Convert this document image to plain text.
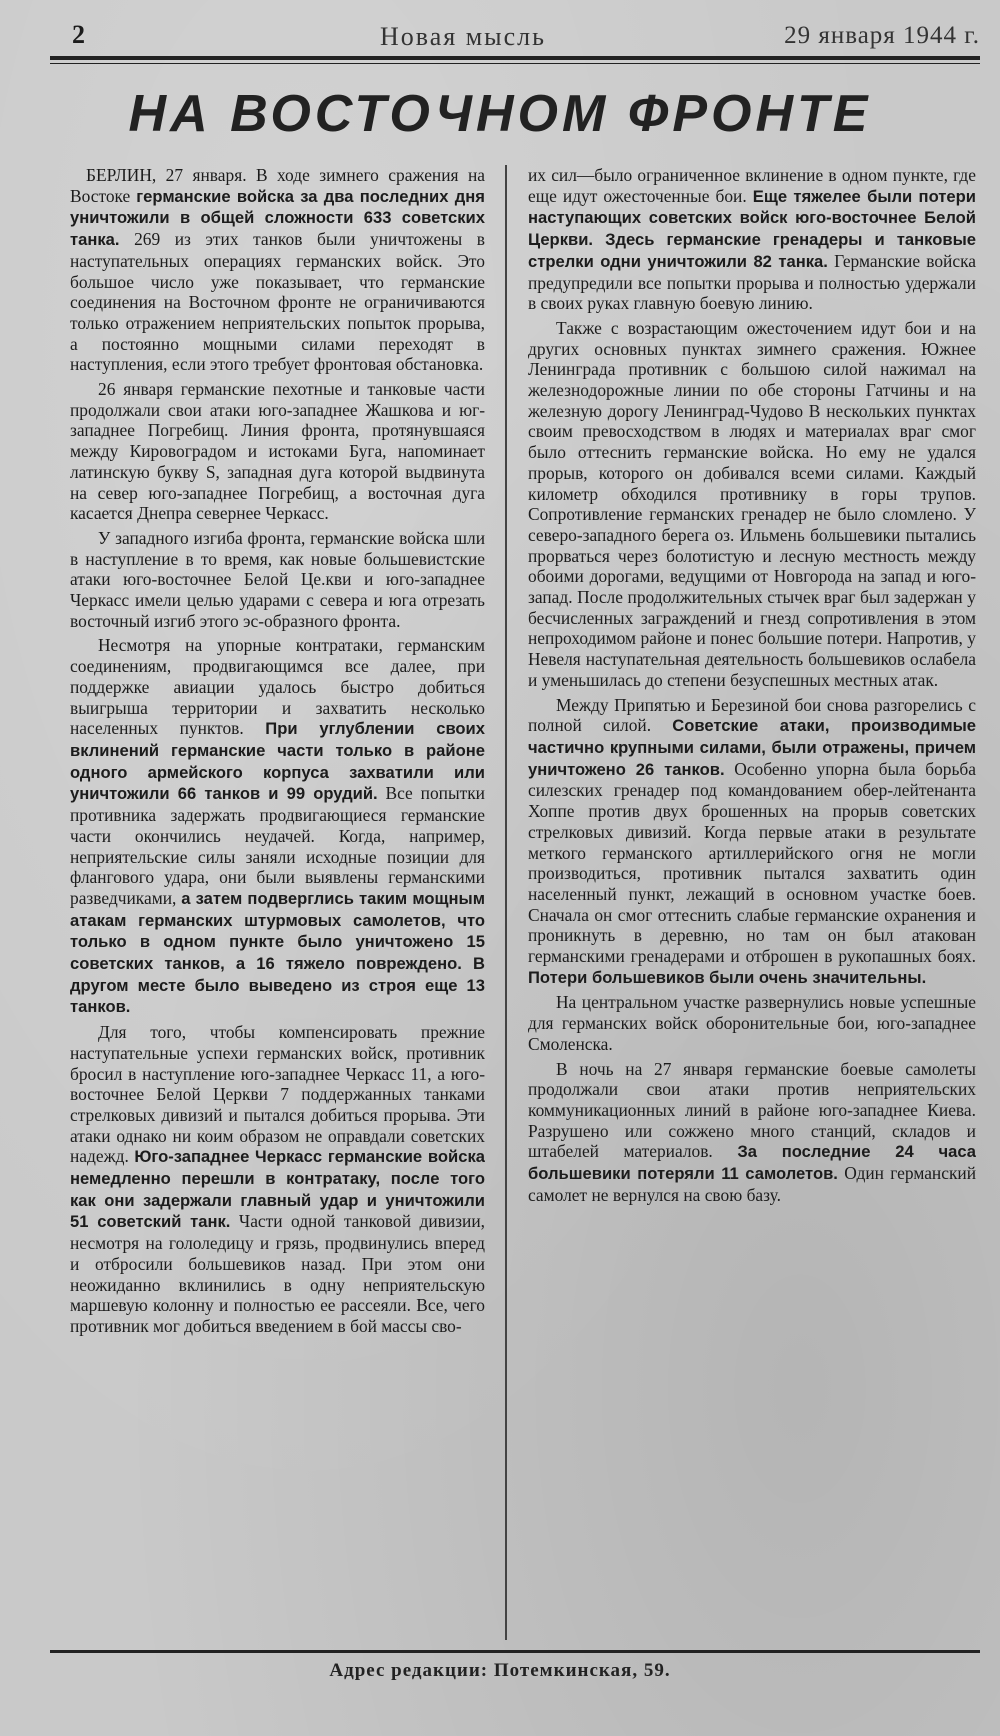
2	Новая мысль	29 января 1944 г.
НА ВОСТОЧНОМ ФРОНТЕ

БЕРЛИН, 27 января. В ходе зимнего сражения на Востоке германские войска за два последних дня уничтожили в общей сложности 633 советских танка. 269 из этих танков были уничтожены в наступательных операциях германских войск. Это большое число уже показывает, что германские соединения на Восточном фронте не ограничиваются только отражением неприятельских попыток прорыва, а постоянно мощными силами переходят в наступления, если этого требует фронтовая обстановка.

26 января германские пехотные и танковые части продолжали свои атаки юго-западнее Жашкова и юг-западнее Погребищ. Линия фронта, протянувшаяся между Кировоградом и истоками Буга, напоминает латинскую букву S, западная дуга которой выдвинута на север юго-западнее Погребищ, а восточная дуга касается Днепра севернее Черкасс.

У западного изгиба фронта, германские войска шли в наступление в то время, как новые большевистские атаки юго-восточнее Белой Це.кви и юго-западнее Черкасс имели целью ударами с севера и юга отрезать восточный изгиб этого эс-образного фронта.

Несмотря на упорные контратаки, германским соединениям, продвигающимся все далее, при поддержке авиации удалось быстро добиться выигрыша территории и захватить несколько населенных пунктов. При углублении своих вклинений германские части только в районе одного армейского корпуса захватили или уничтожили 66 танков и 99 орудий. Все попытки противника задержать продвигающиеся германские части окончились неудачей. Когда, например, неприятельские силы заняли исходные позиции для флангового удара, они были выявлены германскими разведчиками, а затем подверглись таким мощным атакам германских штурмовых самолетов, что только в одном пункте было уничтожено 15 советских танков, а 16 тяжело повреждено. В другом месте было выведено из строя еще 13 танков.

Для того, чтобы компенсировать прежние наступательные успехи германских войск, противник бросил в наступление юго-западнее Черкасс 11, а юго-восточнее Белой Церкви 7 поддержанных танками стрелковых дивизий и пытался добиться прорыва. Эти атаки однако ни коим образом не оправдали советских надежд. Юго-западнее Черкасс германские войска немедленно перешли в контратаку, после того как они задержали главный удар и уничтожили 51 советский танк. Части одной танковой дивизии, несмотря на гололедицу и грязь, продвинулись вперед и отбросили большевиков назад. При этом они неожиданно вклинились в одну неприятельскую маршевую колонну и полностью ее рассеяли. Все, чего противник мог добиться введением в бой массы сво-

их сил—было ограниченное вклинение в одном пункте, где еще идут ожесточенные бои. Еще тяжелее были потери наступающих советских войск юго-восточнее Белой Церкви. Здесь германские гренадеры и танковые стрелки одни уничтожили 82 танка. Германские войска предупредили все попытки прорыва и полностью удержали в своих руках главную боевую линию.

Также с возрастающим ожесточением идут бои и на других основных пунктах зимнего сражения. Южнее Ленинграда противник с большою силой нажимал на железнодорожные линии по обе стороны Гатчины и на железную дорогу Ленинград-Чудово В нескольких пунктах своим превосходством в людях и материалах враг смог было оттеснить германские войска. Но ему не удался прорыв, которого он добивался всеми силами. Каждый километр обходился противнику в горы трупов. Сопротивление германских гренадер не было сломлено. У северо-западного берега оз. Ильмень большевики пытались прорваться через болотистую и лесную местность между обоими дорогами, ведущими от Новгорода на запад и юго-запад. После продолжительных стычек враг был задержан у бесчисленных заграждений и гнезд сопротивления в этом непроходимом районе и понес большие потери. Напротив, у Невеля наступательная деятельность большевиков ослабела и уменьшилась до степени безуспешных местных атак.

Между Припятью и Березиной бои снова разгорелись с полной силой. Советские атаки, производимые частично крупными силами, были отражены, причем уничтожено 26 танков. Особенно упорна была борьба силезских гренадер под командованием обер-лейтенанта Хоппе против двух брошенных на прорыв советских стрелковых дивизий. Когда первые атаки в результате меткого германского артиллерийского огня не могли производиться, противник пытался захватить один населенный пункт, лежащий в основном участке боев. Сначала он смог оттеснить слабые германские охранения и проникнуть в деревню, но там он был атакован германскими гренадерами и отброшен в рукопашных боях. Потери большевиков были очень значительны.

На центральном участке развернулись новые успешные для германских войск оборонительные бои, юго-западнее Смоленска.

В ночь на 27 января германские боевые самолеты продолжали свои атаки против неприятельских коммуникационных линий в районе юго-западнее Киева. Разрушено или сожжено много станций, складов и штабелей материалов. За последние 24 часа большевики потеряли 11 самолетов. Один германский самолет не вернулся на свою базу.

Адрес редакции: Потемкинская, 59.
